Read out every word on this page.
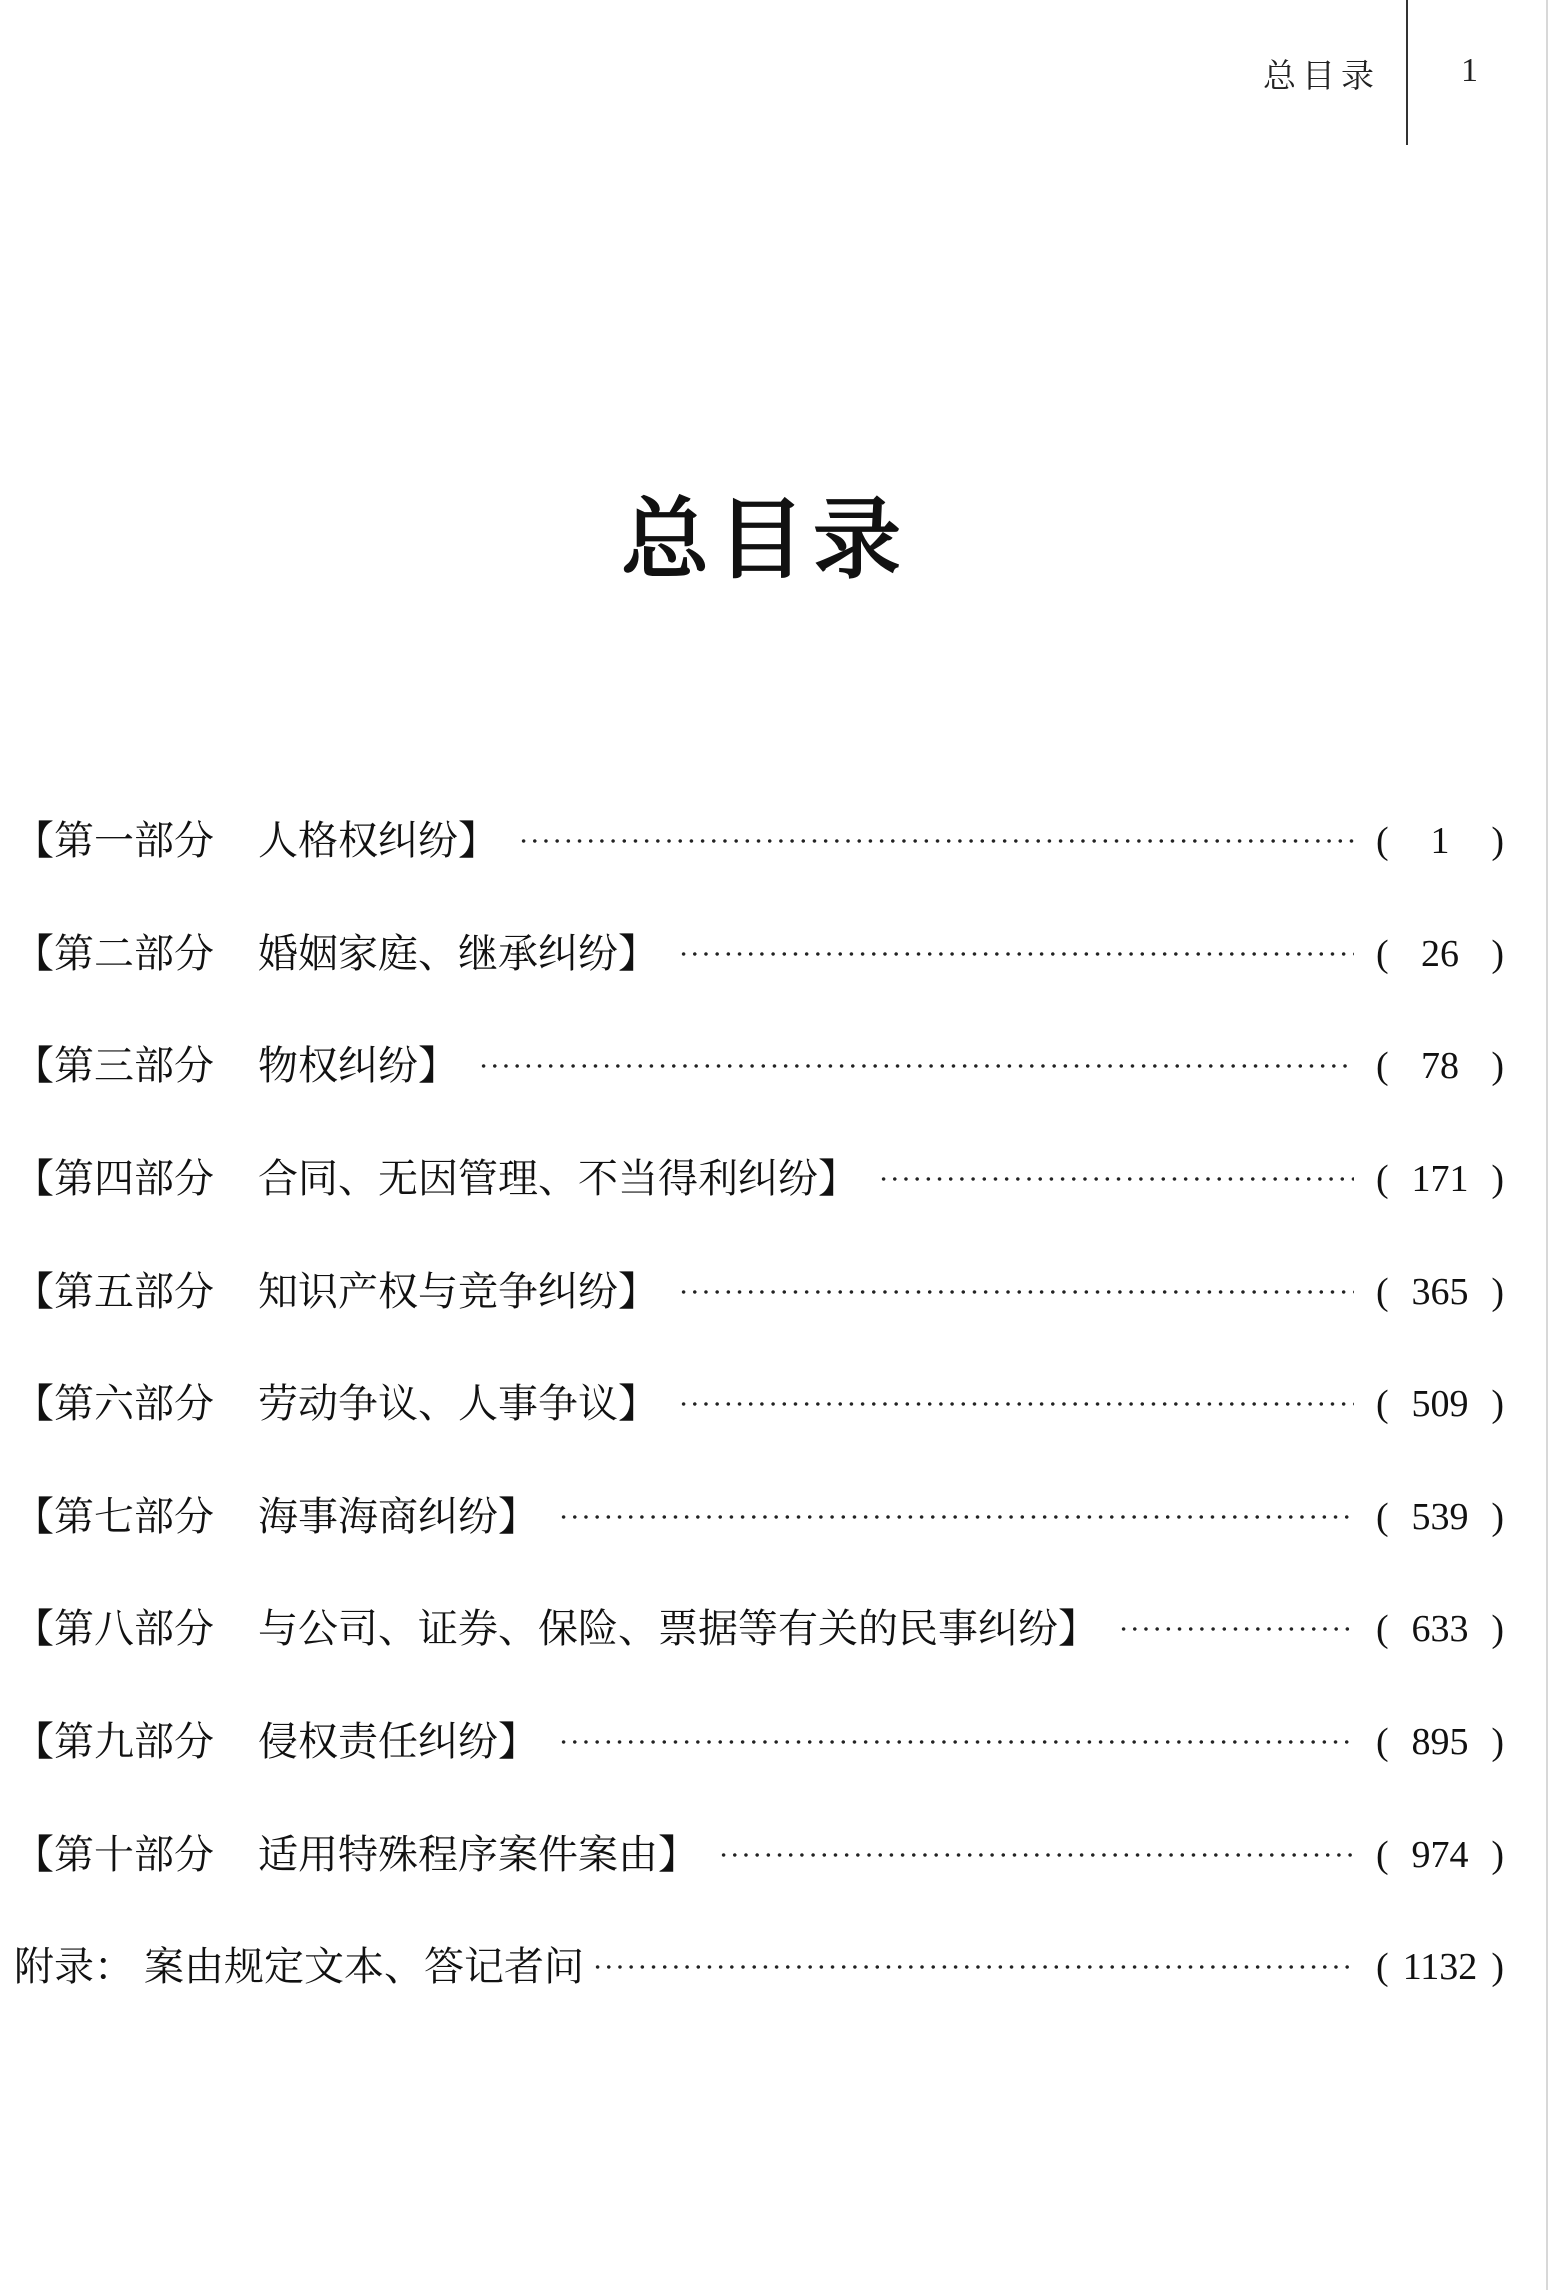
总目录 1
总目录
【第一部分 人格权纠纷】	(	1	)
【第二部分 婚姻家庭、继承纠纷】	( 26 )
【第三部分 物权纠纷】	( 78 )
【第四部分 合同、无因管理、不当得利纠纷】	( 171 )
【第五部分 知识产权与竞争纠纷】	( 365 )
【第六部分 劳动争议、人事争议】	( 509 )
【第七部分 海事海商纠纷】	( 539 )
【第八部分 与公司、证券、保险、票据等有关的民事纠纷】	( 633 )
【第九部分 侵权责任纠纷】	( 895 )
【第十部分 适用特殊程序案件案由】	( 974 )
附录： 案由规定文本、答记者问	( 1132 )
